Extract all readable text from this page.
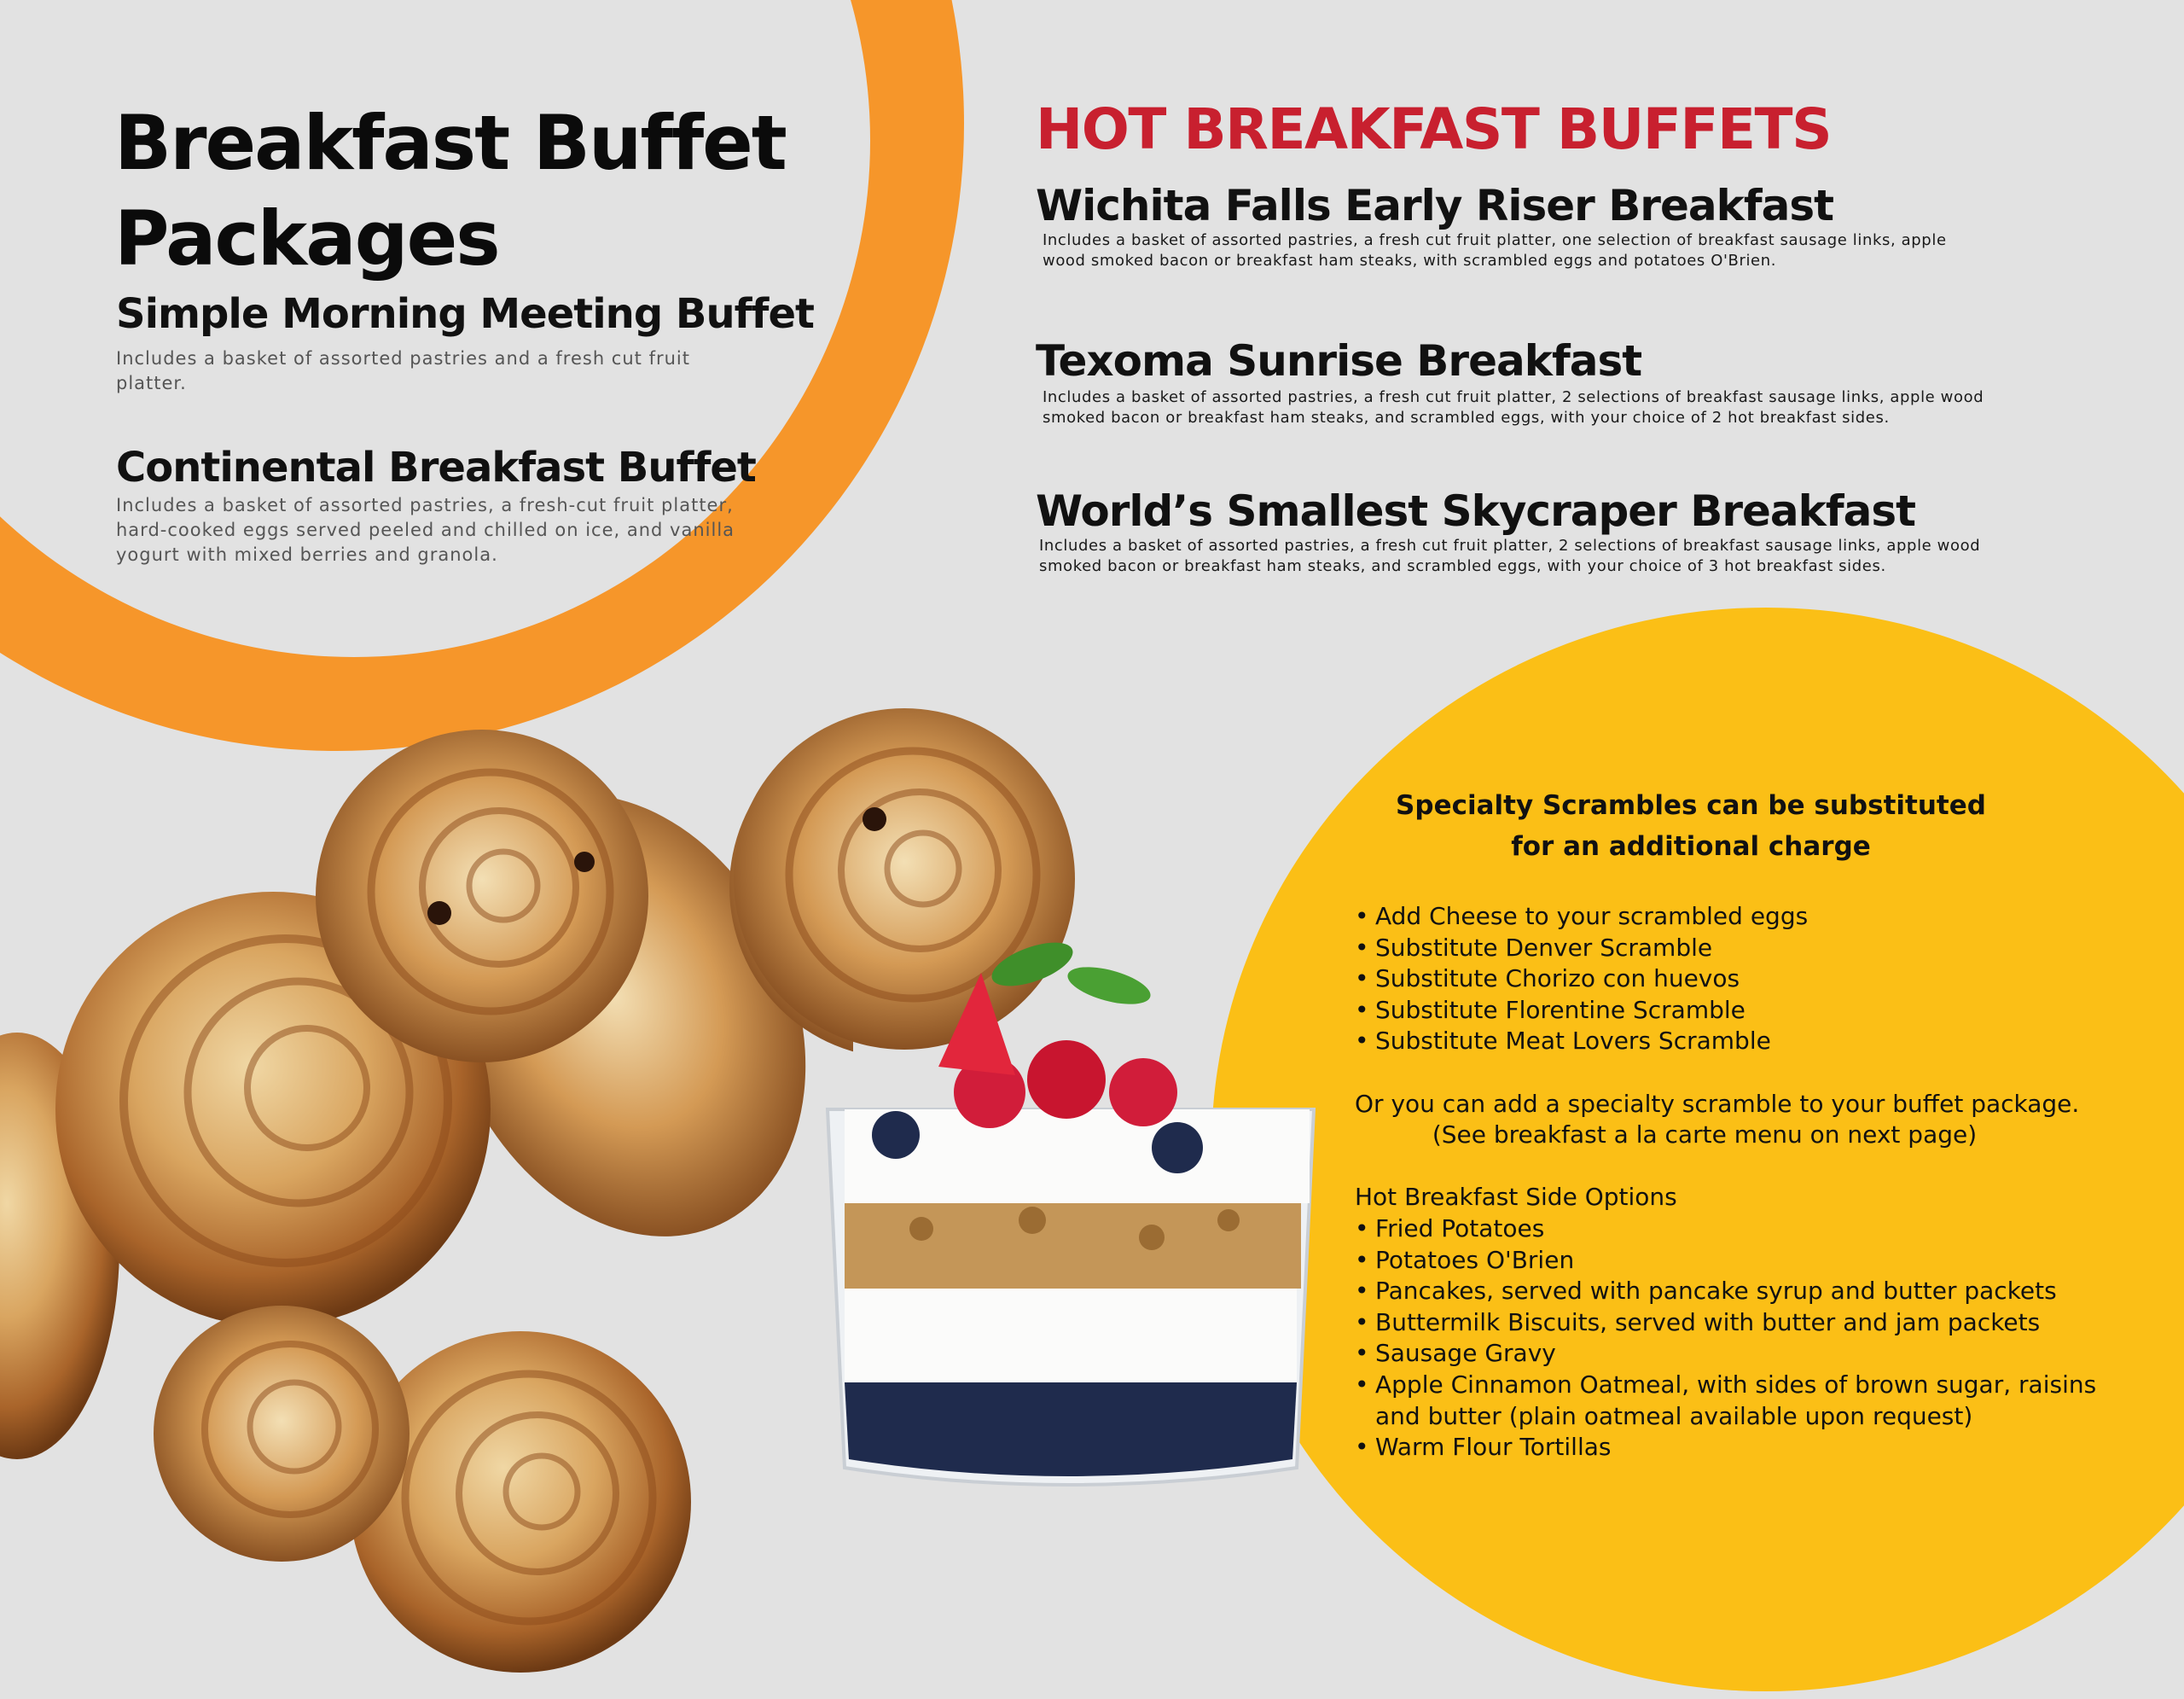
Breakfast Buffet Packages
Simple Morning Meeting Buffet

Includes a basket of assorted pastries and a fresh cut fruit platter.

Continental Breakfast Buffet

Includes a basket of assorted pastries, a fresh-cut fruit platter, hard-cooked eggs served peeled and chilled on ice, and vanilla yogurt with mixed berries and granola.

HOT BREAKFAST BUFFETS
Wichita Falls Early Riser Breakfast

Includes a basket of assorted pastries, a fresh cut fruit platter, one selection of breakfast sausage links, apple wood smoked bacon or breakfast ham steaks, with scrambled eggs and potatoes O'Brien.

Texoma Sunrise Breakfast

Includes a basket of assorted pastries, a fresh cut fruit platter, 2 selections of breakfast sausage links, apple wood smoked bacon or breakfast ham steaks, and scrambled eggs, with your choice of 2 hot breakfast sides.

World’s Smallest Skycraper Breakfast

Includes a basket of assorted pastries, a fresh cut fruit platter, 2 selections of breakfast sausage links, apple wood smoked bacon or breakfast ham steaks, and scrambled eggs, with your choice of 3 hot breakfast sides.

Specialty Scrambles can be substituted
for an additional charge
• Add Cheese to your scrambled eggs
• Substitute Denver Scramble
• Substitute Chorizo con huevos
• Substitute Florentine Scramble
• Substitute Meat Lovers Scramble

Or you can add a specialty scramble to your buffet package.

(See breakfast a la carte menu on next page)

Hot Breakfast Side Options

• Fried Potatoes
• Potatoes O'Brien
• Pancakes, served with pancake syrup and butter packets
• Buttermilk Biscuits, served with butter and jam packets
• Sausage Gravy
• Apple Cinnamon Oatmeal, with sides of brown sugar, raisins and butter (plain oatmeal available upon request)
• Warm Flour Tortillas
